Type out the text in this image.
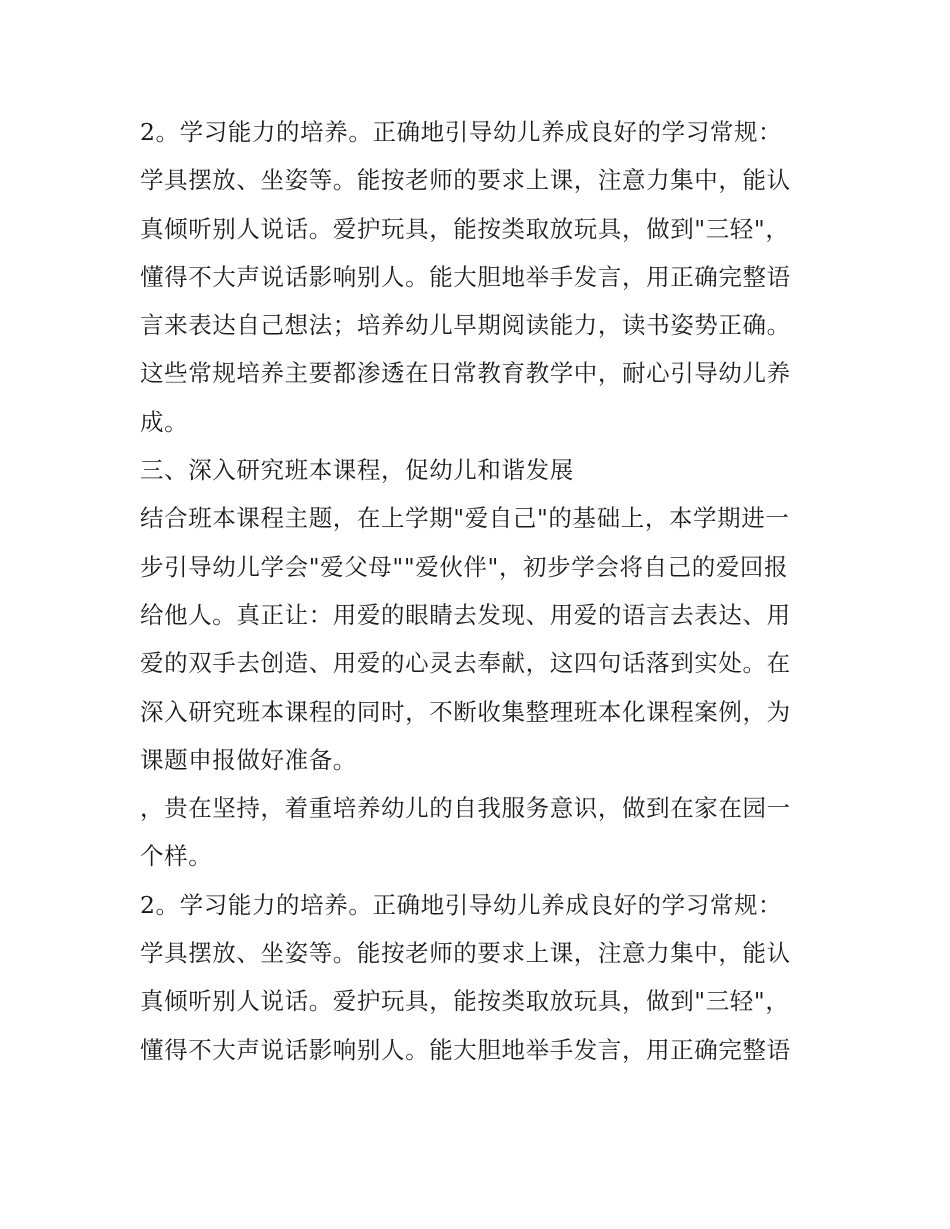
2。学习能力的培养。正确地引导幼儿养成良好的学习常规：
学具摆放、坐姿等。能按老师的要求上课，注意力集中，能认
真倾听别人说话。爱护玩具，能按类取放玩具，做到"三轻"，
懂得不大声说话影响别人。能大胆地举手发言，用正确完整语
言来表达自己想法；培养幼儿早期阅读能力，读书姿势正确。
这些常规培养主要都渗透在日常教育教学中，耐心引导幼儿养
成。
三、深入研究班本课程，促幼儿和谐发展
结合班本课程主题，在上学期"爱自己"的基础上，本学期进一
步引导幼儿学会"爱父母""爱伙伴"，初步学会将自己的爱回报
给他人。真正让：用爱的眼睛去发现、用爱的语言去表达、用
爱的双手去创造、用爱的心灵去奉献，这四句话落到实处。在
深入研究班本课程的同时，不断收集整理班本化课程案例，为
课题申报做好准备。
，贵在坚持，着重培养幼儿的自我服务意识，做到在家在园一
个样。
2。学习能力的培养。正确地引导幼儿养成良好的学习常规：
学具摆放、坐姿等。能按老师的要求上课，注意力集中，能认
真倾听别人说话。爱护玩具，能按类取放玩具，做到"三轻"，
懂得不大声说话影响别人。能大胆地举手发言，用正确完整语
